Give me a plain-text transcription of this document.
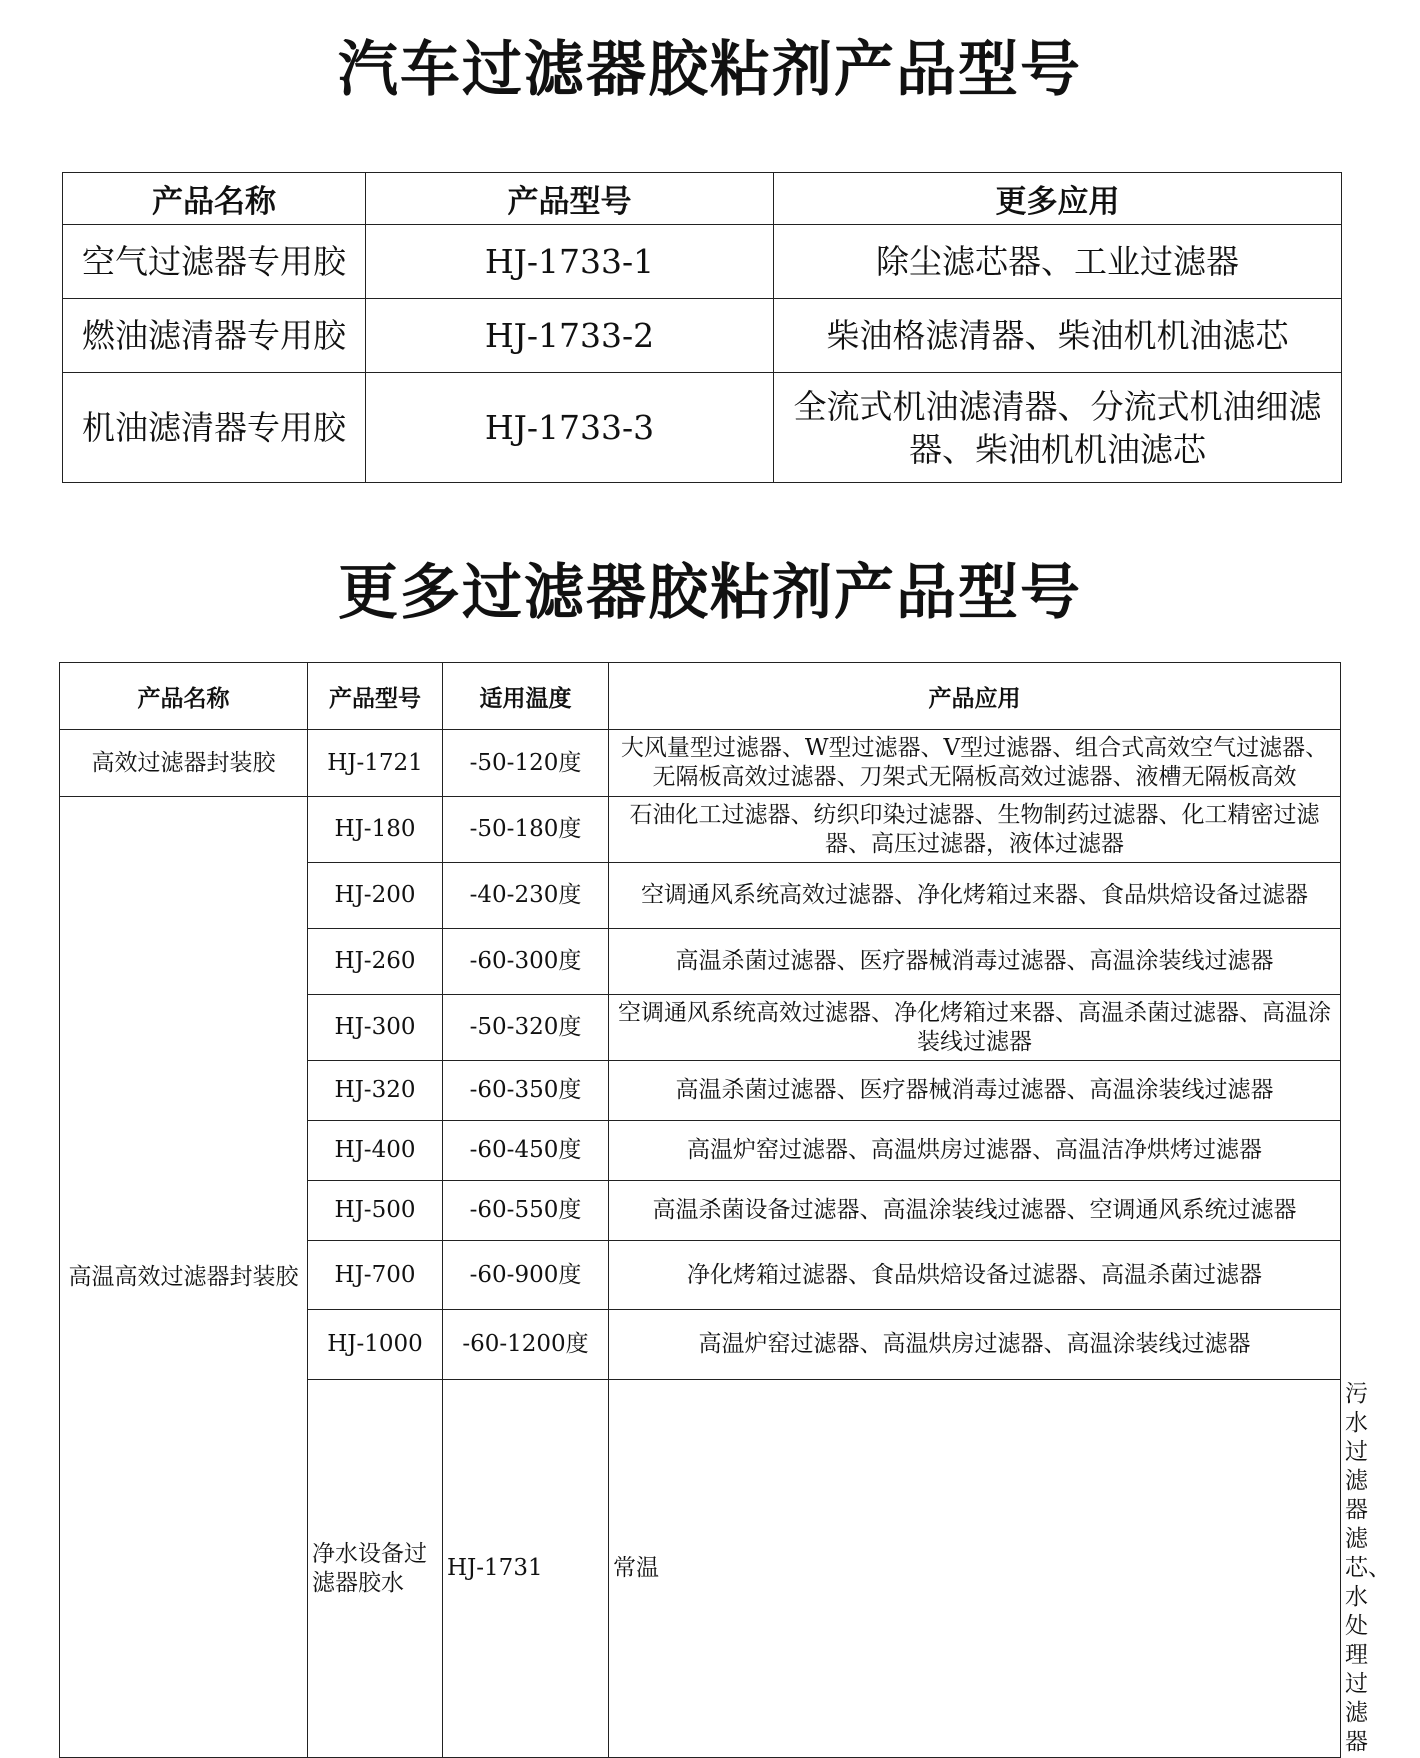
汽车过滤器胶粘剂产品型号
产品名称	产品型号	更多应用
空气过滤器专用胶	HJ-1733-1	除尘滤芯器、工业过滤器
燃油滤清器专用胶	HJ-1733-2	柴油格滤清器、柴油机机油滤芯
机油滤清器专用胶	HJ-1733-3	全流式机油滤清器、分流式机油细滤器、柴油机机油滤芯
更多过滤器胶粘剂产品型号
产品名称	产品型号	适用温度	产品应用	
高效过滤器封装胶	HJ-1721	-50-120度	大风量型过滤器、W型过滤器、V型过滤器、组合式高效空气过滤器、无隔板高效过滤器、刀架式无隔板高效过滤器、液槽无隔板高效	
高温高效过滤器封装胶	HJ-180	-50-180度	石油化工过滤器、纺织印染过滤器、生物制药过滤器、化工精密过滤器、高压过滤器，液体过滤器	
	HJ-200	-40-230度	空调通风系统高效过滤器、净化烤箱过来器、食品烘焙设备过滤器	
	HJ-260	-60-300度	高温杀菌过滤器、医疗器械消毒过滤器、高温涂装线过滤器	
	HJ-300	-50-320度	空调通风系统高效过滤器、净化烤箱过来器、高温杀菌过滤器、高温涂装线过滤器	
	HJ-320	-60-350度	高温杀菌过滤器、医疗器械消毒过滤器、高温涂装线过滤器	
	HJ-400	-60-450度	高温炉窑过滤器、高温烘房过滤器、高温洁净烘烤过滤器	
	HJ-500	-60-550度	高温杀菌设备过滤器、高温涂装线过滤器、空调通风系统过滤器	
	HJ-700	-60-900度	净化烤箱过滤器、食品烘焙设备过滤器、高温杀菌过滤器	
	HJ-1000	-60-1200度	高温炉窑过滤器、高温烘房过滤器、高温涂装线过滤器	
	净水设备过滤器胶水	HJ-1731	常温	污水过滤器滤芯、水处理过滤器
